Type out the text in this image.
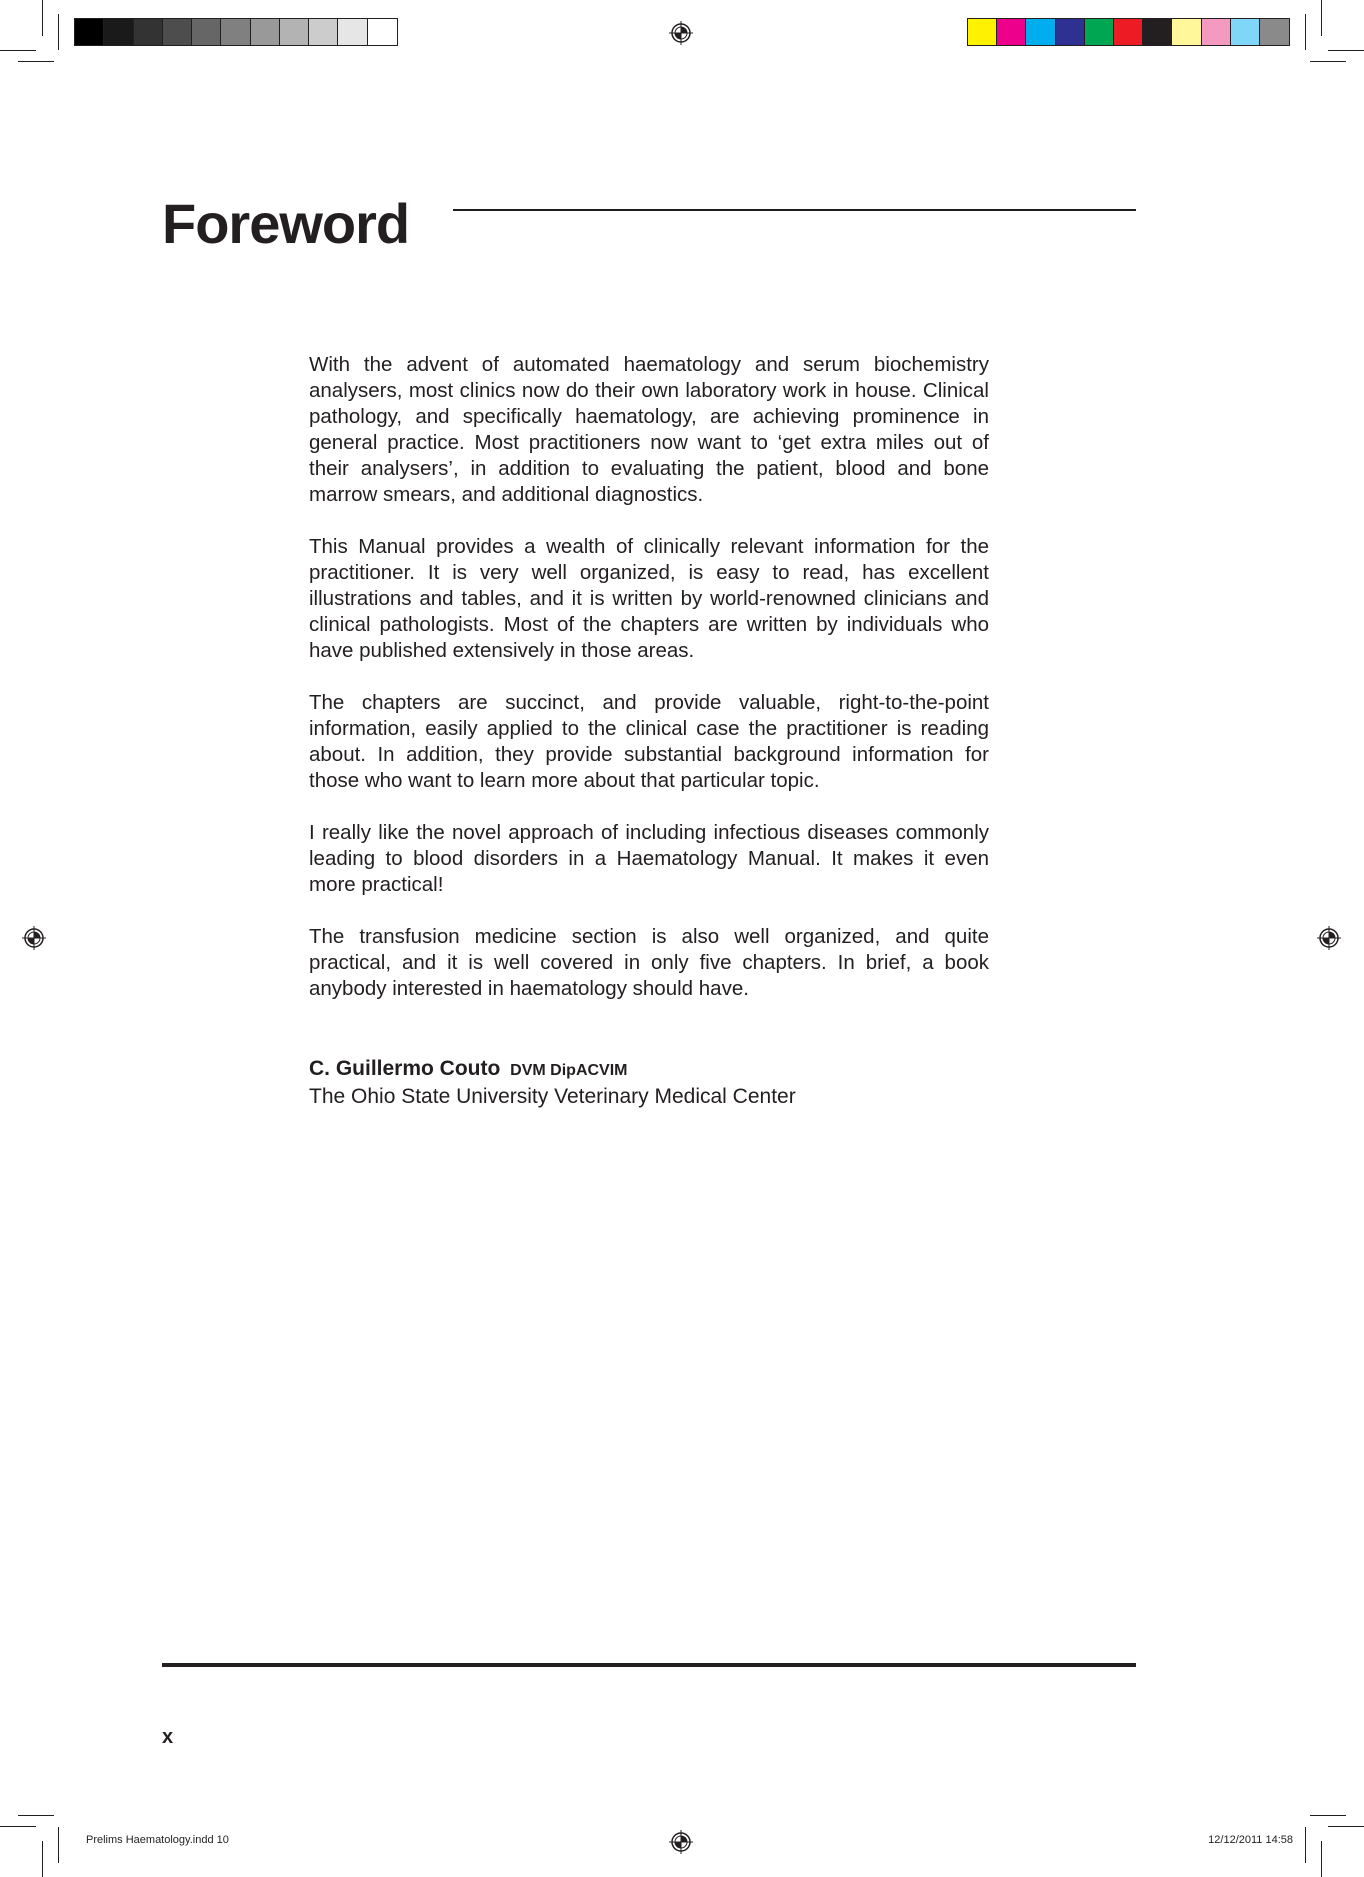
Foreword

With the advent of automated haematology and serum biochemistry analysers, most clinics now do their own laboratory work in house. Clinical pathology, and specifically haematology, are achieving prominence in general practice. Most practitioners now want to ‘get extra miles out of their analysers’, in addition to evaluating the patient, blood and bone marrow smears, and additional diagnostics.

This Manual provides a wealth of clinically relevant information for the practitioner. It is very well organized, is easy to read, has excellent illustrations and tables, and it is written by world-renowned clinicians and clinical pathologists. Most of the chapters are written by individuals who have published extensively in those areas.

The chapters are succinct, and provide valuable, right-to-the-point information, easily applied to the clinical case the practitioner is reading about. In addition, they provide substantial background information for those who want to learn more about that particular topic.

I really like the novel approach of including infectious diseases commonly leading to blood disorders in a Haematology Manual. It makes it even more practical!

The transfusion medicine section is also well organized, and quite practical, and it is well covered in only five chapters. In brief, a book anybody interested in haematology should have.

C. Guillermo Couto DVM DipACVIM
The Ohio State University Veterinary Medical Center
x
Prelims Haematology.indd 10	12/12/2011 14:58
